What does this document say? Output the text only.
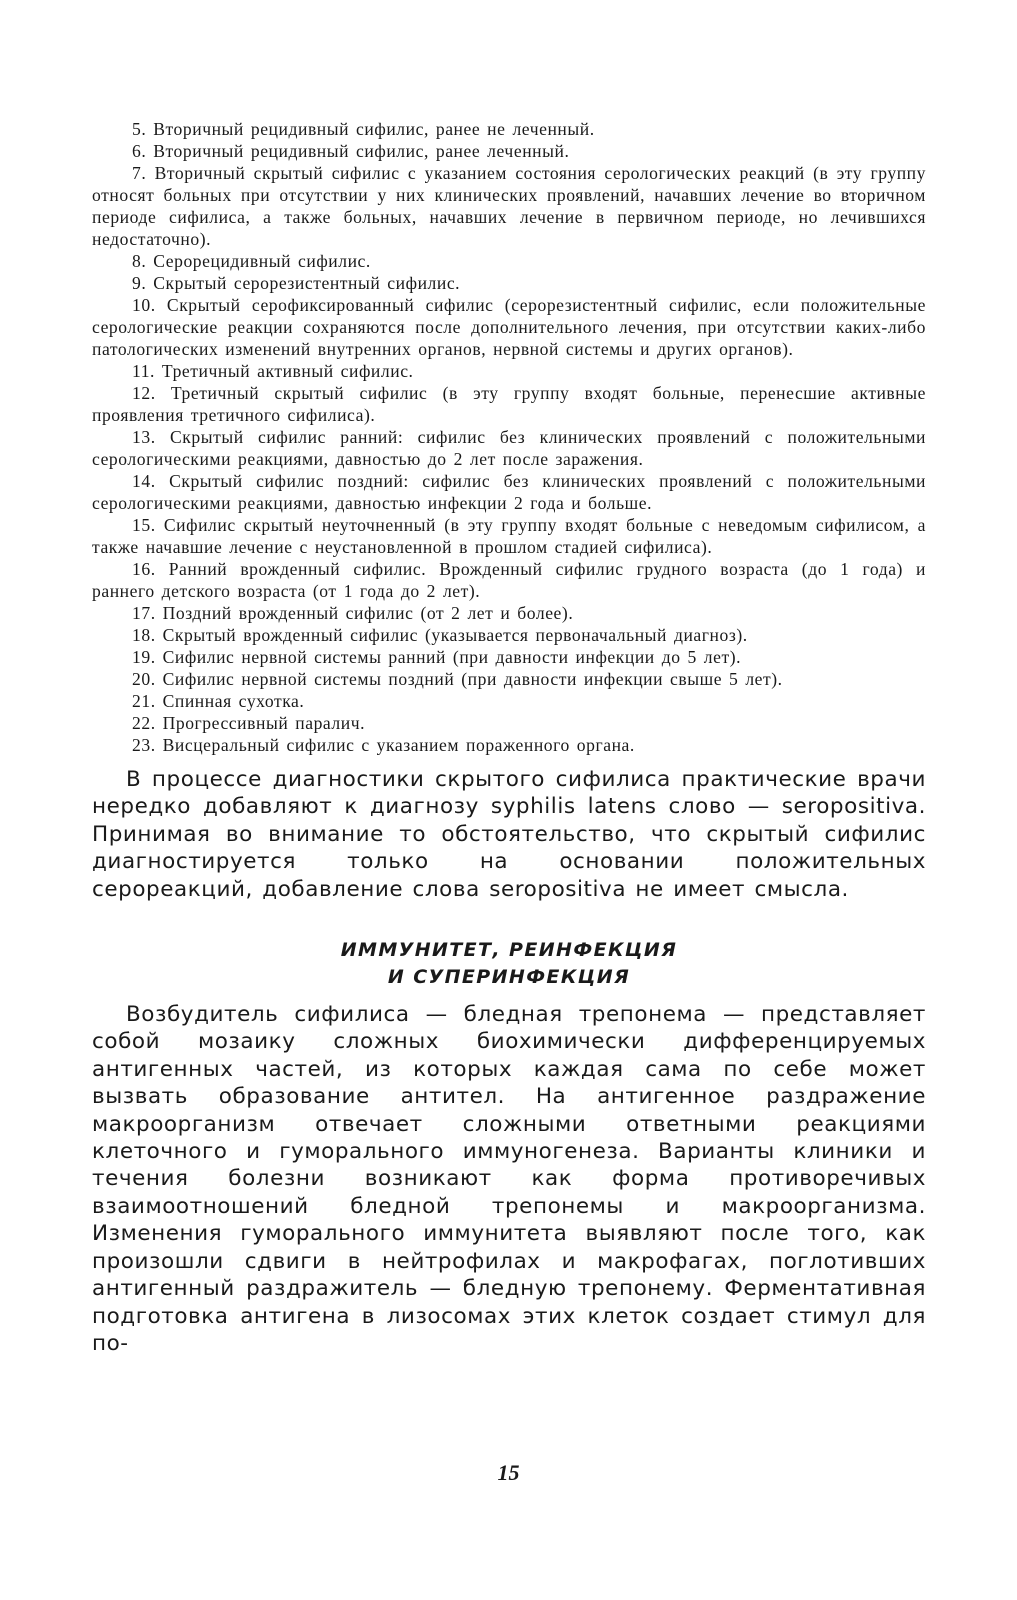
5. Вторичный рецидивный сифилис, ранее не леченный.
6. Вторичный рецидивный сифилис, ранее леченный.
7. Вторичный скрытый сифилис с указанием состояния серологических реакций (в эту группу относят больных при отсутствии у них клинических проявлений, начавших лечение во вторичном периоде сифилиса, а также больных, начавших лечение в первичном периоде, но лечившихся недостаточно).
8. Серорецидивный сифилис.
9. Скрытый серорезистентный сифилис.
10. Скрытый серофиксированный сифилис (серорезистентный сифилис, если положительные серологические реакции сохраняются после дополнительного лечения, при отсутствии каких-либо патологических изменений внутренних органов, нервной системы и других органов).
11. Третичный активный сифилис.
12. Третичный скрытый сифилис (в эту группу входят больные, перенесшие активные проявления третичного сифилиса).
13. Скрытый сифилис ранний: сифилис без клинических проявлений с положительными серологическими реакциями, давностью до 2 лет после заражения.
14. Скрытый сифилис поздний: сифилис без клинических проявлений с положительными серологическими реакциями, давностью инфекции 2 года и больше.
15. Сифилис скрытый неуточненный (в эту группу входят больные с неведомым сифилисом, а также начавшие лечение с неустановленной в прошлом стадией сифилиса).
16. Ранний врожденный сифилис. Врожденный сифилис грудного возраста (до 1 года) и раннего детского возраста (от 1 года до 2 лет).
17. Поздний врожденный сифилис (от 2 лет и более).
18. Скрытый врожденный сифилис (указывается первоначальный диагноз).
19. Сифилис нервной системы ранний (при давности инфекции до 5 лет).
20. Сифилис нервной системы поздний (при давности инфекции свыше 5 лет).
21. Спинная сухотка.
22. Прогрессивный паралич.
23. Висцеральный сифилис с указанием пораженного органа.

В процессе диагностики скрытого сифилиса практические врачи нередко добавляют к диагнозу syphilis latens слово — seropositiva. Принимая во внимание то обстоятельство, что скрытый сифилис диагностируется только на основании положительных серореакций, добавление слова seropositiva не имеет смысла.

ИММУНИТЕТ, РЕИНФЕКЦИЯ
И СУПЕРИНФЕКЦИЯ

Возбудитель сифилиса — бледная трепонема — представляет собой мозаику сложных биохимически дифференцируемых антигенных частей, из которых каждая сама по себе может вызвать образование антител. На антигенное раздражение макроорганизм отвечает сложными ответными реакциями клеточного и гуморального иммуногенеза. Варианты клиники и течения болезни возникают как форма противоречивых взаимоотношений бледной трепонемы и макроорганизма. Изменения гуморального иммунитета выявляют после того, как произошли сдвиги в нейтрофилах и макрофагах, поглотивших антигенный раздражитель — бледную трепонему. Ферментативная подготовка антигена в лизосомах этих клеток создает стимул для по-

15
